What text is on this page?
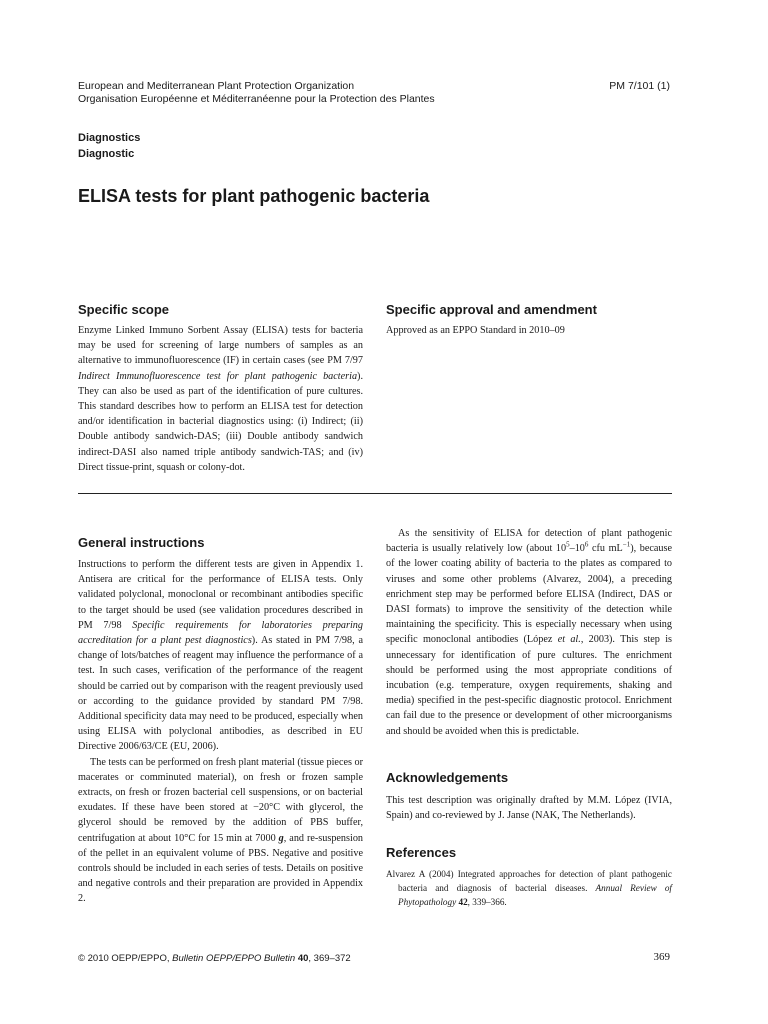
European and Mediterranean Plant Protection Organization
Organisation Européenne et Méditerranéenne pour la Protection des Plantes
PM 7/101 (1)
Diagnostics
Diagnostic
ELISA tests for plant pathogenic bacteria
Specific scope

Enzyme Linked Immuno Sorbent Assay (ELISA) tests for bacteria may be used for screening of large numbers of samples as an alternative to immunofluorescence (IF) in certain cases (see PM 7/97 Indirect Immunofluorescence test for plant pathogenic bacteria). They can also be used as part of the identification of pure cultures. This standard describes how to perform an ELISA test for detection and/or identification in bacterial diagnostics using: (i) Indirect; (ii) Double antibody sandwich-DAS; (iii) Double antibody sandwich indirect-DASI also named triple antibody sandwich-TAS; and (iv) Direct tissue-print, squash or colony-dot.

Specific approval and amendment
Approved as an EPPO Standard in 2010–09
General instructions

Instructions to perform the different tests are given in Appendix 1. Antisera are critical for the performance of ELISA tests. Only validated polyclonal, monoclonal or recombinant antibodies specific to the target should be used (see validation procedures described in PM 7/98 Specific requirements for laboratories preparing accreditation for a plant pest diagnostics). As stated in PM 7/98, a change of lots/batches of reagent may influence the performance of a test. In such cases, verification of the performance of the reagent should be carried out by comparison with the reagent previously used or according to the guidance provided by standard PM 7/98. Additional specificity data may need to be produced, especially when using ELISA with polyclonal antibodies, as described in EU Directive 2006/63/CE (EU, 2006).

The tests can be performed on fresh plant material (tissue pieces or macerates or comminuted material), on fresh or frozen sample extracts, on fresh or frozen bacterial cell suspensions, or on bacterial exudates. If these have been stored at −20°C with glycerol, the glycerol should be removed by the addition of PBS buffer, centrifugation at about 10°C for 15 min at 7000 g, and re-suspension of the pellet in an equivalent volume of PBS. Negative and positive controls should be included in each series of tests. Details on positive and negative controls and their preparation are provided in Appendix 2.

As the sensitivity of ELISA for detection of plant pathogenic bacteria is usually relatively low (about $10^5-10^6$ cfu $mL^{-1}$), because of the lower coating ability of bacteria to the plates as compared to viruses and some other problems (Alvarez, 2004), a preceding enrichment step may be performed before ELISA (Indirect, DAS or DASI formats) to improve the sensitivity of the detection while maintaining the specificity. This is especially necessary when using specific monoclonal antibodies (López et al., 2003). This step is unnecessary for identification of pure cultures. The enrichment should be performed using the most appropriate conditions of incubation (e.g. temperature, oxygen requirements, shaking and media) specified in the pest-specific diagnostic protocol. Enrichment can fail due to the presence or development of other microorganisms and should be avoided when this is predictable.

Acknowledgements
This test description was originally drafted by M.M. López (IVIA, Spain) and co-reviewed by J. Janse (NAK, The Netherlands).
References

Alvarez A (2004) Integrated approaches for detection of plant pathogenic bacteria and diagnosis of bacterial diseases. Annual Review of Phytopathology 42, 339–366.

© 2010 OEPP/EPPO, Bulletin OEPP/EPPO Bulletin 40, 369–372	369
